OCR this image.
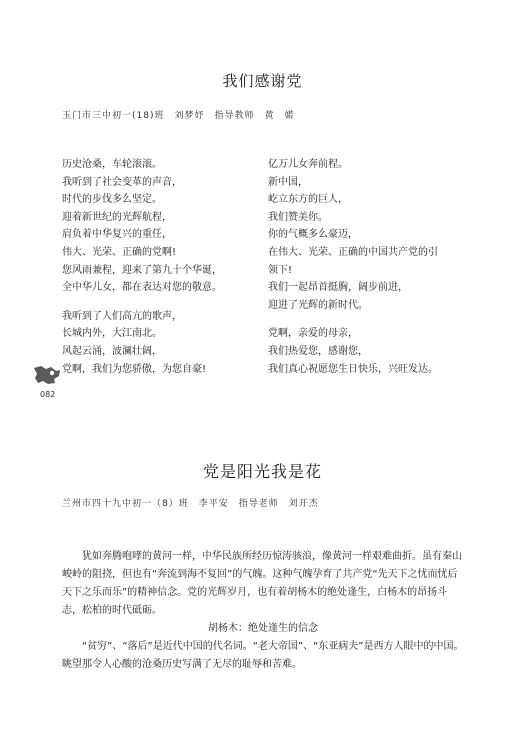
我们感谢党
玉门市三中初一(18)班　刘梦妤　指导教师　黄　婼
历史沧桑，车轮滚滚。
我听到了社会变革的声音，
时代的步伐多么坚定。
迎着新世纪的光辉航程，
肩负着中华复兴的重任，
伟大、光荣、正确的党啊!
您风雨兼程，迎来了第九十个华诞，
全中华儿女，都在表达对您的敬意。
我听到了人们高亢的歌声，
长城内外，大江南北。
风起云涌，波澜壮阔，
党啊，我们为您骄傲，为您自豪!
亿万儿女奔前程。
新中国，
屹立东方的巨人，
我们赞美你。
你的气概多么豪迈，
在伟大、光荣、正确的中国共产党的引
领下!
我们一起昂首挺胸，阔步前进，
迎进了光辉的新时代。
党啊，亲爱的母亲，
我们热爱您，感谢您，
我们真心祝愿您生日快乐，兴旺发达。
082
党是阳光我是花
兰州市四十九中初一（8）班　李平安　指导老师　刘开杰

犹如奔腾咆哮的黄河一样，中华民族所经历惊涛骇浪，像黄河一样艰难曲折。虽有秦山峻岭的阻挠，但也有“奔流到海不复回”的气魄。这种气魄孕育了共产党“先天下之忧而忧后天下之乐而乐”的精神信念。党的光辉岁月，也有着胡杨木的绝处逢生，白杨木的昂扬斗志，松柏的时代砥砺。

胡杨木：绝处逢生的信念

“贫穷”、“落后”是近代中国的代名词。“老大帝国”、“东亚病夫”是西方人眼中的中国。眺望那令人心酸的沧桑历史写满了无尽的耻辱和苦难。
